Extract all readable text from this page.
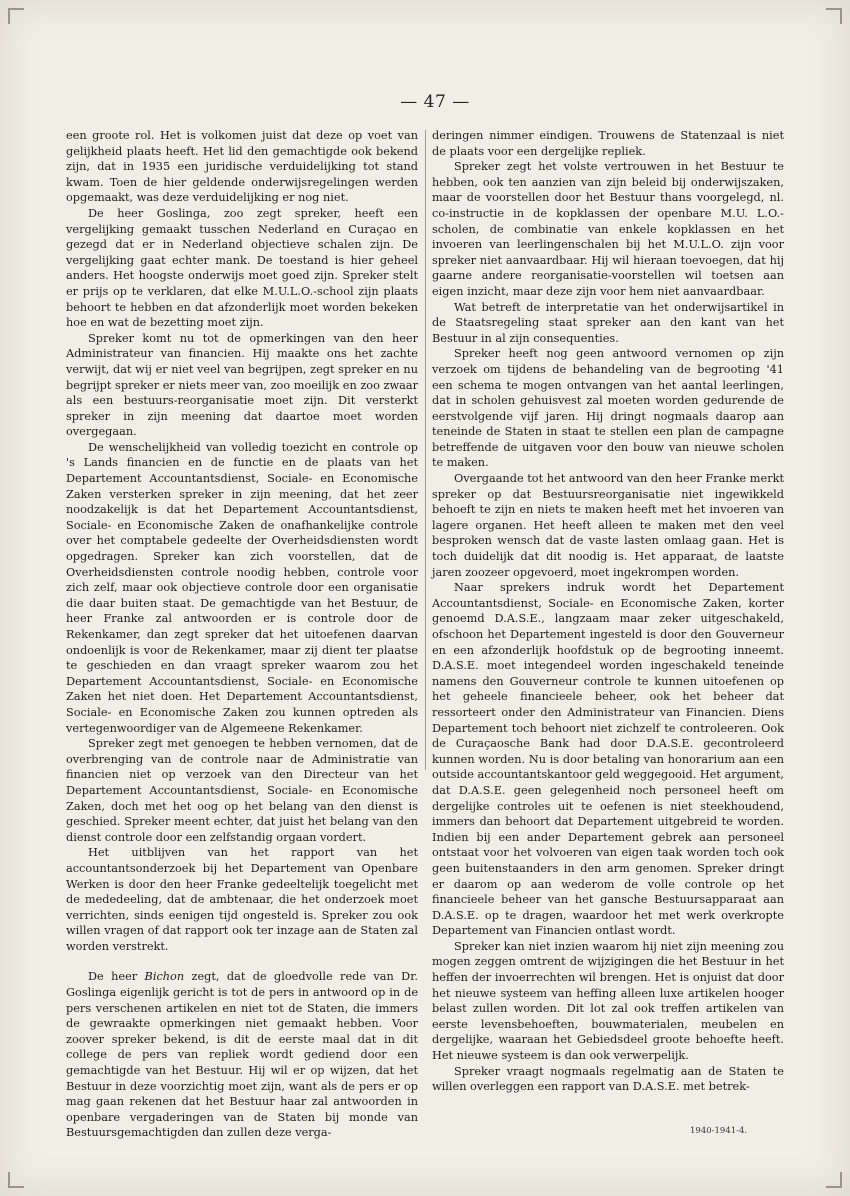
— 47 —

een groote rol. Het is volkomen juist dat deze op voet van gelijkheid plaats heeft. Het lid den gemachtigde ook bekend zijn, dat in 1935 een juridische verduidelijking tot stand kwam. Toen de hier geldende onderwijsregelingen werden opgemaakt, was deze verduidelijking er nog niet.

De heer Goslinga, zoo zegt spreker, heeft een vergelijking gemaakt tusschen Nederland en Curaçao en gezegd dat er in Nederland objectieve schalen zijn. De vergelijking gaat echter mank. De toestand is hier geheel anders. Het hoogste onderwijs moet goed zijn. Spreker stelt er prijs op te verklaren, dat elke M.U.L.O.-school zijn plaats behoort te hebben en dat afzonderlijk moet worden bekeken hoe en wat de bezetting moet zijn.

Spreker komt nu tot de opmerkingen van den heer Administrateur van financien. Hij maakte ons het zachte verwijt, dat wij er niet veel van begrijpen, zegt spreker en nu begrijpt spreker er niets meer van, zoo moeilijk en zoo zwaar als een bestuurs-reorganisatie moet zijn. Dit versterkt spreker in zijn meening dat daartoe moet worden overgegaan.

De wenschelijkheid van volledig toezicht en controle op 's Lands financien en de functie en de plaats van het Departement Accountantsdienst, Sociale- en Economische Zaken versterken spreker in zijn meening, dat het zeer noodzakelijk is dat het Departement Accountantsdienst, Sociale- en Economische Zaken de onafhankelijke controle over het comptabele gedeelte der Overheidsdiensten wordt opgedragen. Spreker kan zich voorstellen, dat de Overheidsdiensten controle noodig hebben, controle voor zich zelf, maar ook objectieve controle door een organisatie die daar buiten staat. De gemachtigde van het Bestuur, de heer Franke zal antwoorden er is controle door de Rekenkamer, dan zegt spreker dat het uitoefenen daarvan ondoenlijk is voor de Rekenkamer, maar zij dient ter plaatse te geschieden en dan vraagt spreker waarom zou het Departement Accountantsdienst, Sociale- en Economische Zaken het niet doen. Het Departement Accountantsdienst, Sociale- en Economische Zaken zou kunnen optreden als vertegenwoordiger van de Algemeene Rekenkamer.

Spreker zegt met genoegen te hebben vernomen, dat de overbrenging van de controle naar de Administratie van financien niet op verzoek van den Directeur van het Departement Accountantsdienst, Sociale- en Economische Zaken, doch met het oog op het belang van den dienst is geschied. Spreker meent echter, dat juist het belang van den dienst controle door een zelfstandig orgaan vordert.

Het uitblijven van het rapport van het accountantsonderzoek bij het Departement van Openbare Werken is door den heer Franke gedeeltelijk toegelicht met de mededeeling, dat de ambtenaar, die het onderzoek moet verrichten, sinds eenigen tijd ongesteld is. Spreker zou ook willen vragen of dat rapport ook ter inzage aan de Staten zal worden verstrekt.

De heer Bichon zegt, dat de gloedvolle rede van Dr. Goslinga eigenlijk gericht is tot de pers in antwoord op in de pers verschenen artikelen en niet tot de Staten, die immers de gewraakte opmerkingen niet gemaakt hebben. Voor zoover spreker bekend, is dit de eerste maal dat in dit college de pers van repliek wordt gediend door een gemachtigde van het Bestuur. Hij wil er op wijzen, dat het Bestuur in deze voorzichtig moet zijn, want als de pers er op mag gaan rekenen dat het Bestuur haar zal antwoorden in openbare vergaderingen van de Staten bij monde van Bestuursgemachtigden dan zullen deze verga-

deringen nimmer eindigen. Trouwens de Statenzaal is niet de plaats voor een dergelijke repliek.

Spreker zegt het volste vertrouwen in het Bestuur te hebben, ook ten aanzien van zijn beleid bij onderwijszaken, maar de voorstellen door het Bestuur thans voorgelegd, nl. co-instructie in de kopklassen der openbare M.U. L.O.-scholen, de combinatie van enkele kopklassen en het invoeren van leerlingenschalen bij het M.U.L.O. zijn voor spreker niet aanvaardbaar. Hij wil hieraan toevoegen, dat hij gaarne andere reorganisatie-voorstellen wil toetsen aan eigen inzicht, maar deze zijn voor hem niet aanvaardbaar.

Wat betreft de interpretatie van het onderwijsartikel in de Staatsregeling staat spreker aan den kant van het Bestuur in al zijn consequenties.

Spreker heeft nog geen antwoord vernomen op zijn verzoek om tijdens de behandeling van de begrooting '41 een schema te mogen ontvangen van het aantal leerlingen, dat in scholen gehuisvest zal moeten worden gedurende de eerstvolgende vijf jaren. Hij dringt nogmaals daarop aan teneinde de Staten in staat te stellen een plan de campagne betreffende de uitgaven voor den bouw van nieuwe scholen te maken.

Overgaande tot het antwoord van den heer Franke merkt spreker op dat Bestuursreorganisatie niet ingewikkeld behoeft te zijn en niets te maken heeft met het invoeren van lagere organen. Het heeft alleen te maken met den veel besproken wensch dat de vaste lasten omlaag gaan. Het is toch duidelijk dat dit noodig is. Het apparaat, de laatste jaren zoozeer opgevoerd, moet ingekrompen worden.

Naar sprekers indruk wordt het Departement Accountantsdienst, Sociale- en Economische Zaken, korter genoemd D.A.S.E., langzaam maar zeker uitgeschakeld, ofschoon het Departement ingesteld is door den Gouverneur en een afzonderlijk hoofdstuk op de begrooting inneemt. D.A.S.E. moet integendeel worden ingeschakeld teneinde namens den Gouverneur controle te kunnen uitoefenen op het geheele financieele beheer, ook het beheer dat ressorteert onder den Administrateur van Financien. Diens Departement toch behoort niet zichzelf te controleeren. Ook de Curaçaosche Bank had door D.A.S.E. gecontroleerd kunnen worden. Nu is door betaling van honorarium aan een outside accountantskantoor geld weggegooid. Het argument, dat D.A.S.E. geen gelegenheid noch personeel heeft om dergelijke controles uit te oefenen is niet steekhoudend, immers dan behoort dat Departement uitgebreid te worden. Indien bij een ander Departement gebrek aan personeel ontstaat voor het volvoeren van eigen taak worden toch ook geen buitenstaanders in den arm genomen. Spreker dringt er daarom op aan wederom de volle controle op het financieele beheer van het gansche Bestuursapparaat aan D.A.S.E. op te dragen, waardoor het met werk overkropte Departement van Financien ontlast wordt.

Spreker kan niet inzien waarom hij niet zijn meening zou mogen zeggen omtrent de wijzigingen die het Bestuur in het heffen der invoerrechten wil brengen. Het is onjuist dat door het nieuwe systeem van heffing alleen luxe artikelen hooger belast zullen worden. Dit lot zal ook treffen artikelen van eerste levensbehoeften, bouwmaterialen, meubelen en dergelijke, waaraan het Gebiedsdeel groote behoefte heeft. Het nieuwe systeem is dan ook verwerpelijk.

Spreker vraagt nogmaals regelmatig aan de Staten te willen overleggen een rapport van D.A.S.E. met betrek-

1940-1941-4.
